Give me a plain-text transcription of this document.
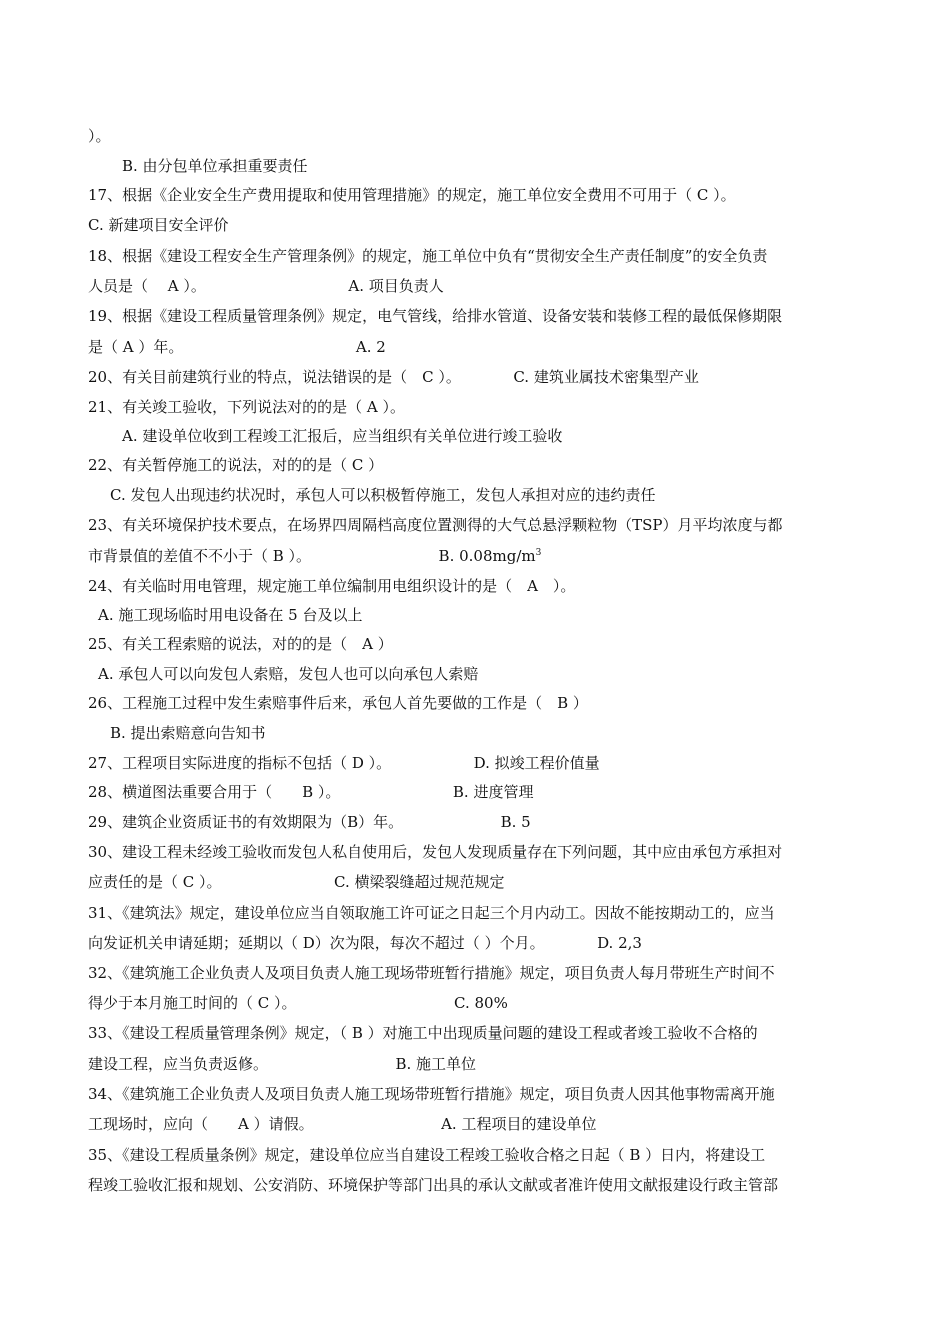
）。
B. 由分包单位承担重要责任
17、根据《企业安全生产费用提取和使用管理措施》的规定，施工单位安全费用不可用于（ C ）。
C. 新建项目安全评价
18、根据《建设工程安全生产管理条例》的规定，施工单位中负有“贯彻安全生产责任制度”的安全负责
人员是（　 A ）。　　　　　　　　　　A. 项目负责人
19、根据《建设工程质量管理条例》规定，电气管线，给排水管道、设备安装和装修工程的最低保修期限
是（ A ）年。　　　　　　　　　　　　A. 2
20、有关目前建筑行业的特点，说法错误的是（　C ）。　　　　C. 建筑业属技术密集型产业
21、有关竣工验收，下列说法对的的是（ A ）。
A. 建设单位收到工程竣工汇报后，应当组织有关单位进行竣工验收
22、有关暂停施工的说法，对的的是（ C ）
C. 发包人出现违约状况时，承包人可以积极暂停施工，发包人承担对应的违约责任
23、有关环境保护技术要点，在场界四周隔档高度位置测得的大气总悬浮颗粒物（TSP）月平均浓度与都
市背景值的差值不不小于（ B ）。　　　　　　　　　B. $0.08mg/m^3$
24、有关临时用电管理，规定施工单位编制用电组织设计的是（　A　）。
A. 施工现场临时用电设备在 5 台及以上
25、有关工程索赔的说法，对的的是（　A ）
A. 承包人可以向发包人索赔，发包人也可以向承包人索赔
26、工程施工过程中发生索赔事件后来，承包人首先要做的工作是（　B ）
B. 提出索赔意向告知书
27、工程项目实际进度的指标不包括（ D ）。　　　　　　D. 拟竣工程价值量
28、横道图法重要合用于（　　B ）。　　　　　　　　B. 进度管理
29、建筑企业资质证书的有效期限为（B）年。　　　　　　　B. 5
30、建设工程未经竣工验收而发包人私自使用后，发包人发现质量存在下列问题，其中应由承包方承担对
应责任的是（ C ）。　　　　　　　　C. 横梁裂缝超过规范规定
31、《建筑法》规定，建设单位应当自领取施工许可证之日起三个月内动工。因故不能按期动工的，应当
向发证机关申请延期；延期以（ D）次为限，每次不超过（ ）个月。　　　　D. 2,3
32、《建筑施工企业负责人及项目负责人施工现场带班暂行措施》规定，项目负责人每月带班生产时间不
得少于本月施工时间的（ C ）。　　　　　　　　　　　C. 80%
33、《建设工程质量管理条例》规定，（ B ）对施工中出现质量问题的建设工程或者竣工验收不合格的
建设工程，应当负责返修。　　　　　　　　　B. 施工单位
34、《建筑施工企业负责人及项目负责人施工现场带班暂行措施》规定，项目负责人因其他事物需离开施
工现场时，应向（　　A ）请假。　　　　　　　　　A. 工程项目的建设单位
35、《建设工程质量条例》规定，建设单位应当自建设工程竣工验收合格之日起（ B ）日内，将建设工
程竣工验收汇报和规划、公安消防、环境保护等部门出具的承认文献或者准许使用文献报建设行政主管部
